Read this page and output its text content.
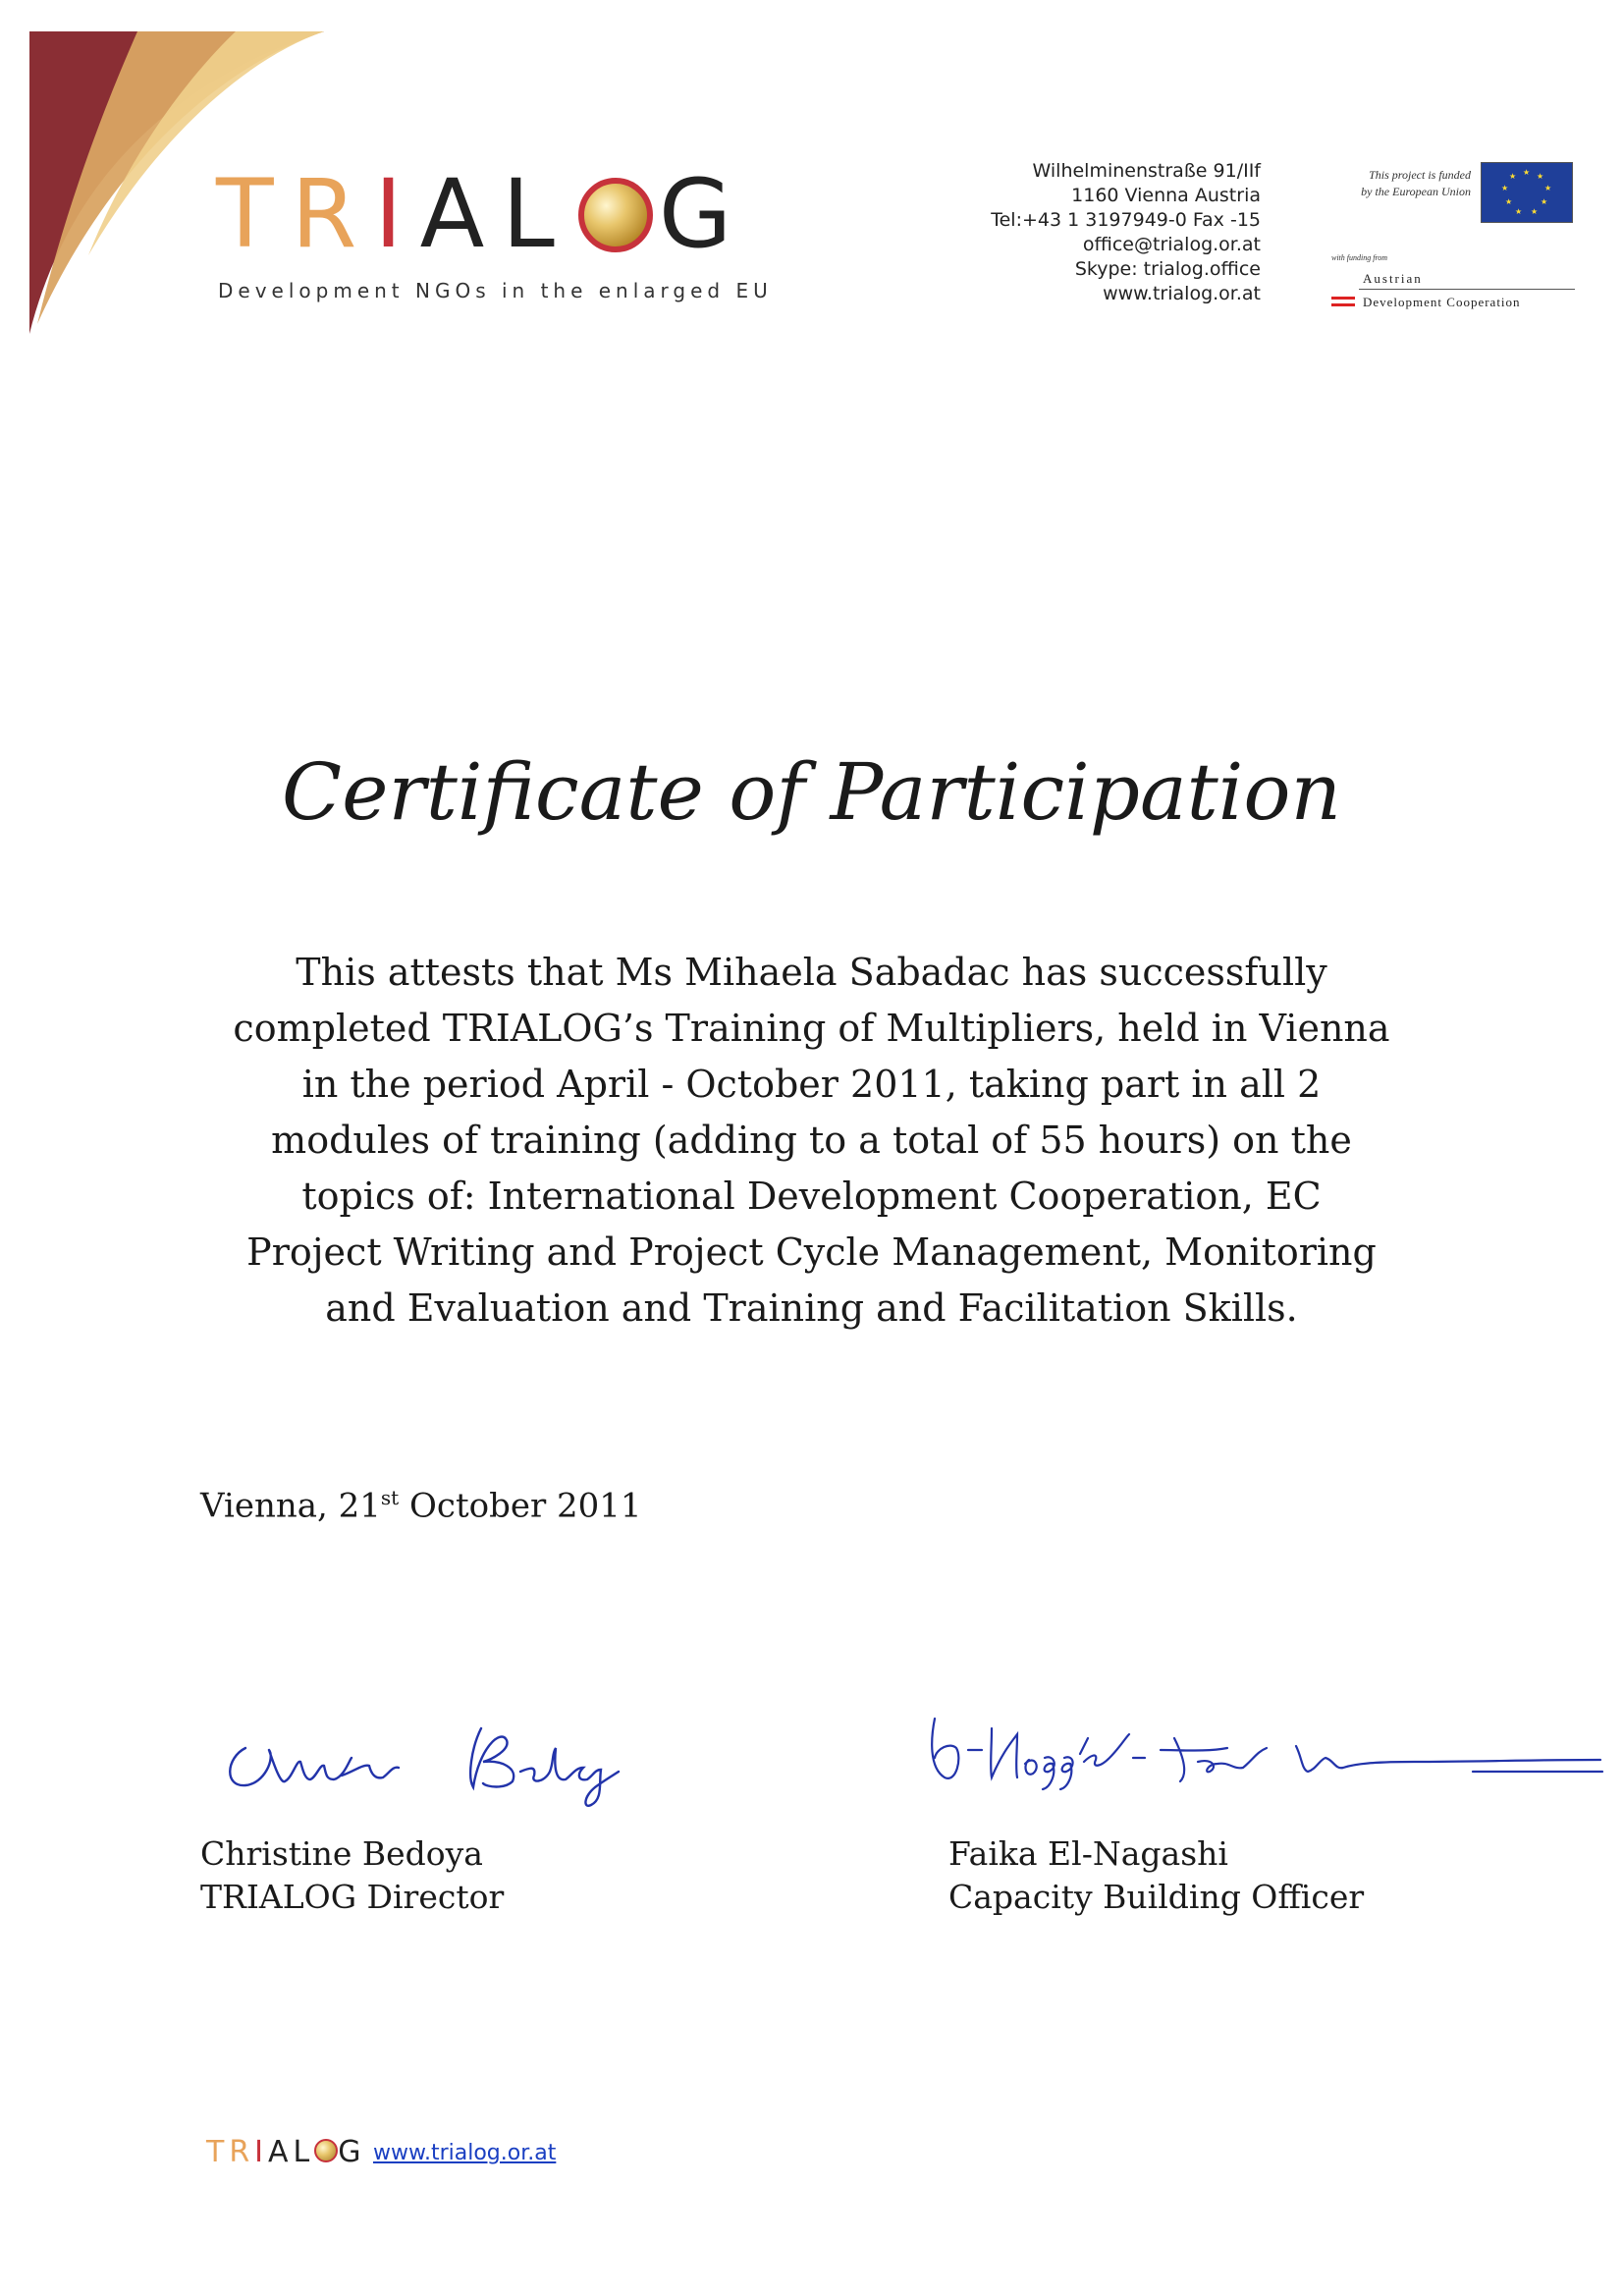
TRIAL G
Development NGOs in the enlarged EU
Wilhelminenstraße 91/IIf
1160 Vienna Austria
Tel:+43 1 3197949-0 Fax -15
office@trialog.or.at
Skype: trialog.office
www.trialog.or.at
This project is funded
by the European Union
★ ★
★
★
★
★
★
★
★
with funding from
Austrian
Development Cooperation
Certificate of Participation
This attests that Ms Mihaela Sabadac has successfully
completed TRIALOG’s Training of Multipliers, held in Vienna
in the period April - October 2011, taking part in all 2
modules of training (adding to a total of 55 hours) on the
topics of: International Development Cooperation, EC
Project Writing and Project Cycle Management, Monitoring
and Evaluation and Training and Facilitation Skills.
Vienna, 21st October 2011
Christine Bedoya
TRIALOG Director
Faika El-Nagashi
Capacity Building Officer
TRIAL G www.trialog.or.at
